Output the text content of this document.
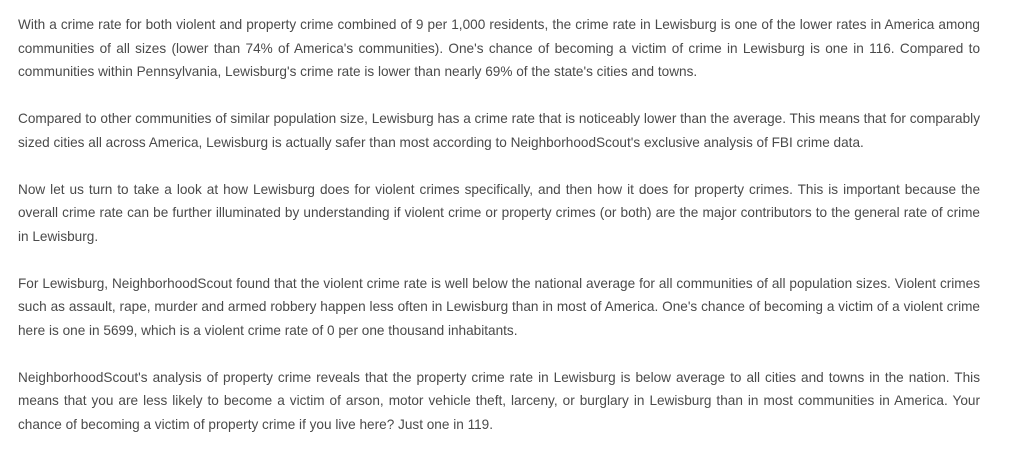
With a crime rate for both violent and property crime combined of 9 per 1,000 residents, the crime rate in Lewisburg is one of the lower rates in America among communities of all sizes (lower than 74% of America's communities). One's chance of becoming a victim of crime in Lewisburg is one in 116. Compared to communities within Pennsylvania, Lewisburg's crime rate is lower than nearly 69% of the state's cities and towns.

Compared to other communities of similar population size, Lewisburg has a crime rate that is noticeably lower than the average. This means that for comparably sized cities all across America, Lewisburg is actually safer than most according to NeighborhoodScout's exclusive analysis of FBI crime data.

Now let us turn to take a look at how Lewisburg does for violent crimes specifically, and then how it does for property crimes. This is important because the overall crime rate can be further illuminated by understanding if violent crime or property crimes (or both) are the major contributors to the general rate of crime in Lewisburg.

For Lewisburg, NeighborhoodScout found that the violent crime rate is well below the national average for all communities of all population sizes. Violent crimes such as assault, rape, murder and armed robbery happen less often in Lewisburg than in most of America. One's chance of becoming a victim of a violent crime here is one in 5699, which is a violent crime rate of 0 per one thousand inhabitants.

NeighborhoodScout's analysis of property crime reveals that the property crime rate in Lewisburg is below average to all cities and towns in the nation. This means that you are less likely to become a victim of arson, motor vehicle theft, larceny, or burglary in Lewisburg than in most communities in America. Your chance of becoming a victim of property crime if you live here? Just one in 119.
